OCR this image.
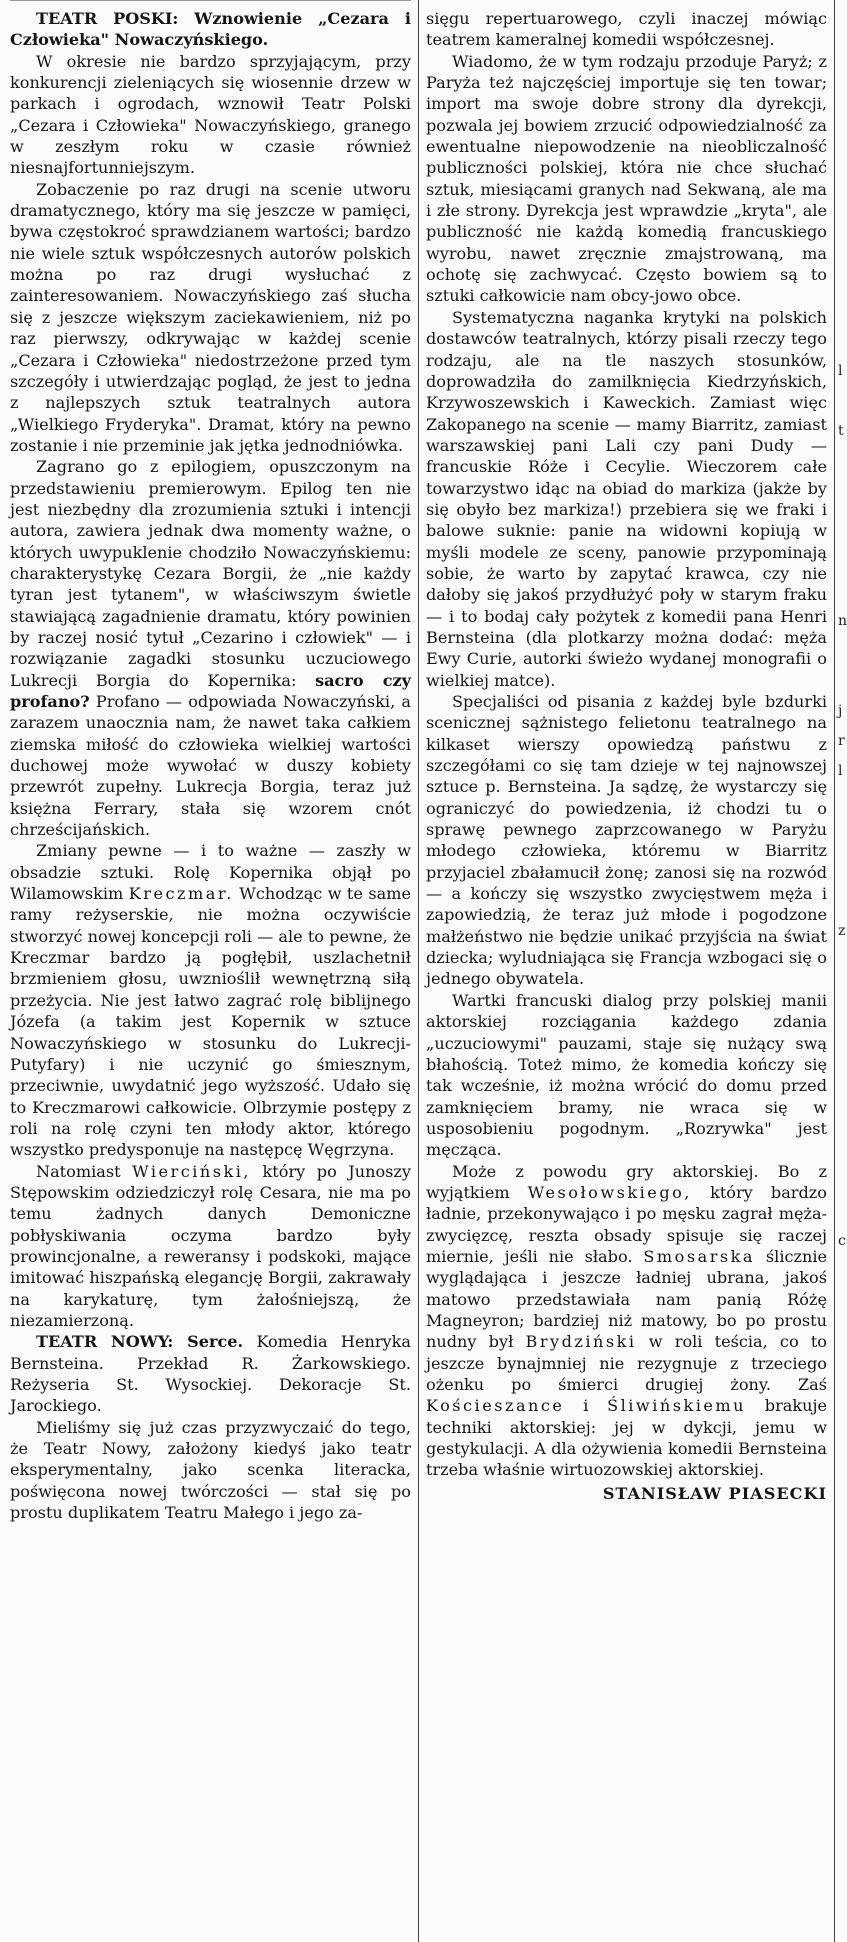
TEATR POSKI: Wznowienie „Cezara i Człowieka" Nowaczyńskiego.

W okresie nie bardzo sprzyjającym, przy konkurencji zieleniących się wiosennie drzew w parkach i ogrodach, wznowił Teatr Polski „Cezara i Człowieka" Nowaczyńskiego, granego w zeszłym roku w czasie również niesnajfortunniejszym.

Zobaczenie po raz drugi na scenie utworu dramatycznego, który ma się jeszcze w pamięci, bywa częstokroć sprawdzianem wartości; bardzo nie wiele sztuk współczesnych autorów polskich można po raz drugi wysłuchać z zainteresowaniem. Nowaczyńskiego zaś słucha się z jeszcze większym zaciekawieniem, niż po raz pierwszy, odkrywając w każdej scenie „Cezara i Człowieka" niedostrzeżone przed tym szczegóły i utwierdzając pogląd, że jest to jedna z najlepszych sztuk teatralnych autora „Wielkiego Fryderyka". Dramat, który na pewno zostanie i nie przeminie jak jętka jednodniówka.

Zagrano go z epilogiem, opuszczonym na przedstawieniu premierowym. Epilog ten nie jest niezbędny dla zrozumienia sztuki i intencji autora, zawiera jednak dwa momenty ważne, o których uwypuklenie chodziło Nowaczyńskiemu: charakterystykę Cezara Borgii, że „nie każdy tyran jest tytanem", w właściwszym świetle stawiającą zagadnienie dramatu, który powinien by raczej nosić tytuł „Cezarino i człowiek" — i rozwiązanie zagadki stosunku uczuciowego Lukrecji Borgia do Kopernika: sacro czy profano? Profano — odpowiada Nowaczyński, a zarazem unaocznia nam, że nawet taka całkiem ziemska miłość do człowieka wielkiej wartości duchowej może wywołać w duszy kobiety przewrót zupełny. Lukrecja Borgia, teraz już księżna Ferrary, stała się wzorem cnót chrześcijańskich.

Zmiany pewne — i to ważne — zaszły w obsadzie sztuki. Rolę Kopernika objął po Wilamowskim Kreczmar. Wchodząc w te same ramy reżyserskie, nie można oczywiście stworzyć nowej koncepcji roli — ale to pewne, że Kreczmar bardzo ją pogłębił, uszlachetnił brzmieniem głosu, uwznioślił wewnętrzną siłą przeżycia. Nie jest łatwo zagrać rolę biblijnego Józefa (a takim jest Kopernik w sztuce Nowaczyńskiego w stosunku do Lukrecji-Putyfary) i nie uczynić go śmiesznym, przeciwnie, uwydatnić jego wyższość. Udało się to Kreczmarowi całkowicie. Olbrzymie postępy z roli na rolę czyni ten młody aktor, którego wszystko predysponuje na następcę Węgrzyna.

Natomiast Wierciński, który po Junoszy Stępowskim odziedziczył rolę Cesara, nie ma po temu żadnych danych Demoniczne pobłyskiwania oczyma bardzo były prowincjonalne, a reweransy i podskoki, mające imitować hiszpańską elegancję Borgii, zakrawały na karykaturę, tym żałośniejszą, że niezamierzoną.

TEATR NOWY: Serce. Komedia Henryka Bernsteina. Przekład R. Żarkowskiego. Reżyseria St. Wysockiej. Dekoracje St. Jarockiego.

Mieliśmy się już czas przyzwyczaić do tego, że Teatr Nowy, założony kiedyś jako teatr eksperymentalny, jako scenka literacka, poświęcona nowej twórczości — stał się po prostu duplikatem Teatru Małego i jego za-

sięgu repertuarowego, czyli inaczej mówiąc teatrem kameralnej komedii współczesnej.

Wiadomo, że w tym rodzaju przoduje Paryż; z Paryża też najczęściej importuje się ten towar; import ma swoje dobre strony dla dyrekcji, pozwala jej bowiem zrzucić odpowiedzialność za ewentualne niepowodzenie na nieobliczalność publiczności polskiej, która nie chce słuchać sztuk, miesiącami granych nad Sekwaną, ale ma i złe strony. Dyrekcja jest wprawdzie „kryta", ale publiczność nie każdą komedią francuskiego wyrobu, nawet zręcznie zmajstrowaną, ma ochotę się zachwycać. Często bowiem są to sztuki całkowicie nam obcy-jowo obce.

Systematyczna naganka krytyki na polskich dostawców teatralnych, którzy pisali rzeczy tego rodzaju, ale na tle naszych stosunków, doprowadziła do zamilknięcia Kiedrzyńskich, Krzywoszewskich i Kaweckich. Zamiast więc Zakopanego na scenie — mamy Biarritz, zamiast warszawskiej pani Lali czy pani Dudy — francuskie Róże i Cecylie. Wieczorem całe towarzystwo idąc na obiad do markiza (jakże by się obyło bez markiza!) przebiera się we fraki i balowe suknie: panie na widowni kopiują w myśli modele ze sceny, panowie przypominają sobie, że warto by zapytać krawca, czy nie dałoby się jakoś przydłużyć poły w starym fraku — i to bodaj cały pożytek z komedii pana Henri Bernsteina (dla plotkarzy można dodać: męża Ewy Curie, autorki świeżo wydanej monografii o wielkiej matce).

Specjaliści od pisania z każdej byle bzdurki scenicznej sążnistego felietonu teatralnego na kilkaset wierszy opowiedzą państwu z szczegółami co się tam dzieje w tej najnowszej sztuce p. Bernsteina. Ja sądzę, że wystarczy się ograniczyć do powiedzenia, iż chodzi tu o sprawę pewnego zaprzcowanego w Paryżu młodego człowieka, któremu w Biarritz przyjaciel zbałamucił żonę; zanosi się na rozwód — a kończy się wszystko zwycięstwem męża i zapowiedzią, że teraz już młode i pogodzone małżeństwo nie będzie unikać przyjścia na świat dziecka; wyludniająca się Francja wzbogaci się o jednego obywatela.

Wartki francuski dialog przy polskiej manii aktorskiej rozciągania każdego zdania „uczuciowymi" pauzami, staje się nużący swą błahością. Toteż mimo, że komedia kończy się tak wcześnie, iż można wrócić do domu przed zamknięciem bramy, nie wraca się w usposobieniu pogodnym. „Rozrywka" jest męcząca.

Może z powodu gry aktorskiej. Bo z wyjątkiem Wesołowskiego, który bardzo ładnie, przekonywająco i po męsku zagrał męża-zwycięzcę, reszta obsady spisuje się raczej miernie, jeśli nie słabo. Smosarska ślicznie wyglądająca i jeszcze ładniej ubrana, jakoś matowo przedstawiała nam panią Różę Magneyron; bardziej niż matowy, bo po prostu nudny był Brydziński w roli teścia, co to jeszcze bynajmniej nie rezygnuje z trzeciego ożenku po śmierci drugiej żony. Zaś Kościeszance i Śliwińskiemu brakuje techniki aktorskiej: jej w dykcji, jemu w gestykulacji. A dla ożywienia komedii Bernsteina trzeba właśnie wirtuozowskiej aktorskiej.

STANISŁAW PIASECKI
l
t
n
j
r
l
z
c
